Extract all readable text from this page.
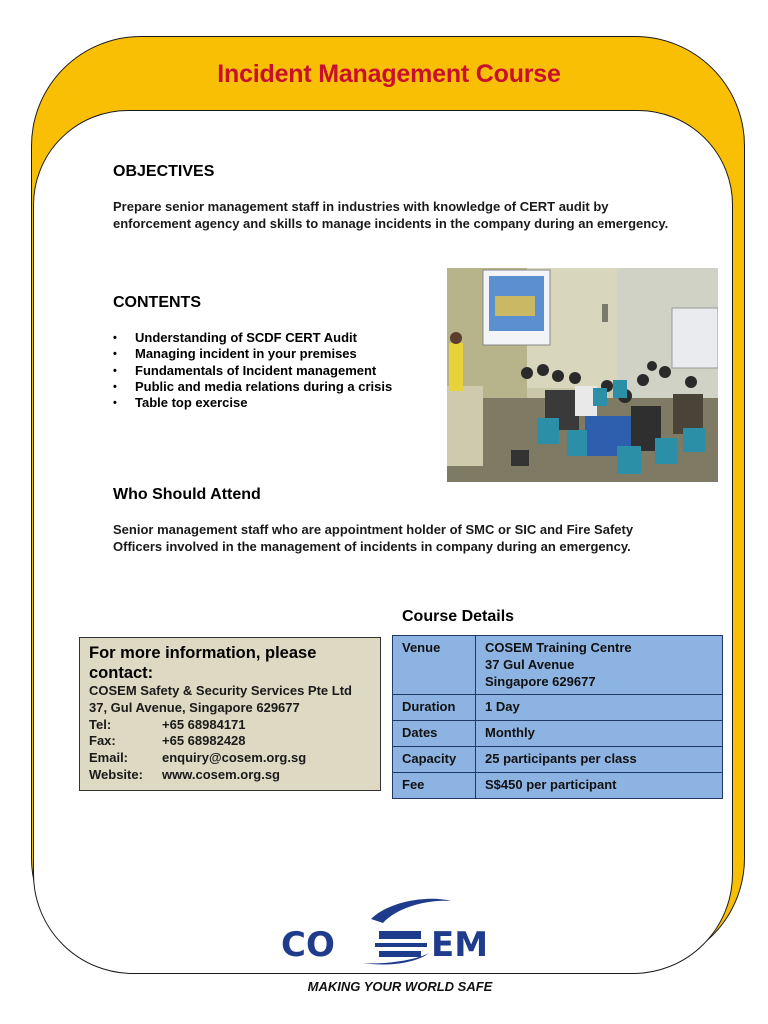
Incident Management Course
OBJECTIVES
Prepare senior management staff in industries with knowledge of CERT audit by enforcement agency and skills to manage incidents in the company during an emergency.
CONTENTS
• Understanding of SCDF CERT Audit
• Managing incident in your premises
• Fundamentals of Incident management
• Public and media relations during a crisis
• Table top exercise
Who Should Attend
Senior management staff who are appointment holder of SMC or SIC and Fire Safety Officers involved in the management of incidents in company during an emergency.
For more information, please contact:
COSEM Safety & Security Services Pte Ltd
37, Gul Avenue, Singapore 629677
Tel:	+65 68984171
Fax:	+65 68982428
Email:	enquiry@cosem.org.sg
Website:	www.cosem.org.sg
Course Details
Venue	COSEM Training Centre
37 Gul Avenue
Singapore 629677

Duration	1 Day
Dates	Monthly
Capacity	25 participants per class
Fee	S$450 per participant
CO	EM
MAKING YOUR WORLD SAFE
